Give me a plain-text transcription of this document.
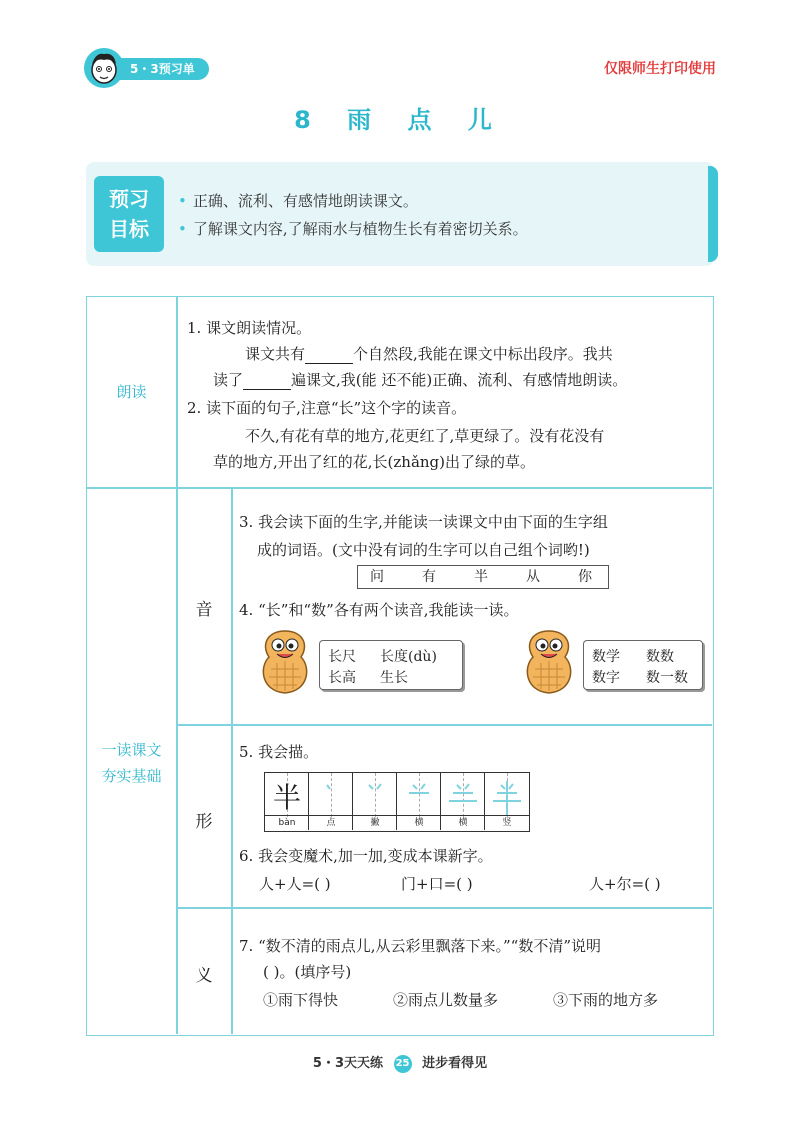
5・3预习单	仅限师生打印使用
8 雨 点 儿
预习
目标
• 正确、流利、有感情地朗读课文。
• 了解课文内容,了解雨水与植物生长有着密切关系。
朗读
一读课文
夯实基础
音
形
义
1. 课文朗读情况。
课文共有	个自然段,我能在课文中标出段序。我共
读了	遍课文,我(能 还不能)正确、流利、有感情地朗读。
2. 读下面的句子,注意“长”这个字的读音。
不久,有花有草的地方,花更红了,草更绿了。没有花没有
草的地方,开出了红的花,长(zhǎng)出了绿的草。
3. 我会读下面的生字,并能读一读课文中由下面的生字组
成的词语。(文中没有词的生字可以自己组个词哟!)
问	有	半	从	你
4. “长”和“数”各有两个读音,我能读一读。
长尺 长度(dù)
长高 生长
数学 数数
数字 数一数
5. 我会描。
6. 我会变魔术,加一加,变成本课新字。
人+人=( )	门+口=( )	人+尔=( )
7. “数不清的雨点儿,从云彩里飘落下来。”“数不清”说明
( )。(填序号)
①雨下得快	②雨点儿数量多	③下雨的地方多
半
bàn	点	撇	横	横	竖
5・3天天练 25 进步看得见
